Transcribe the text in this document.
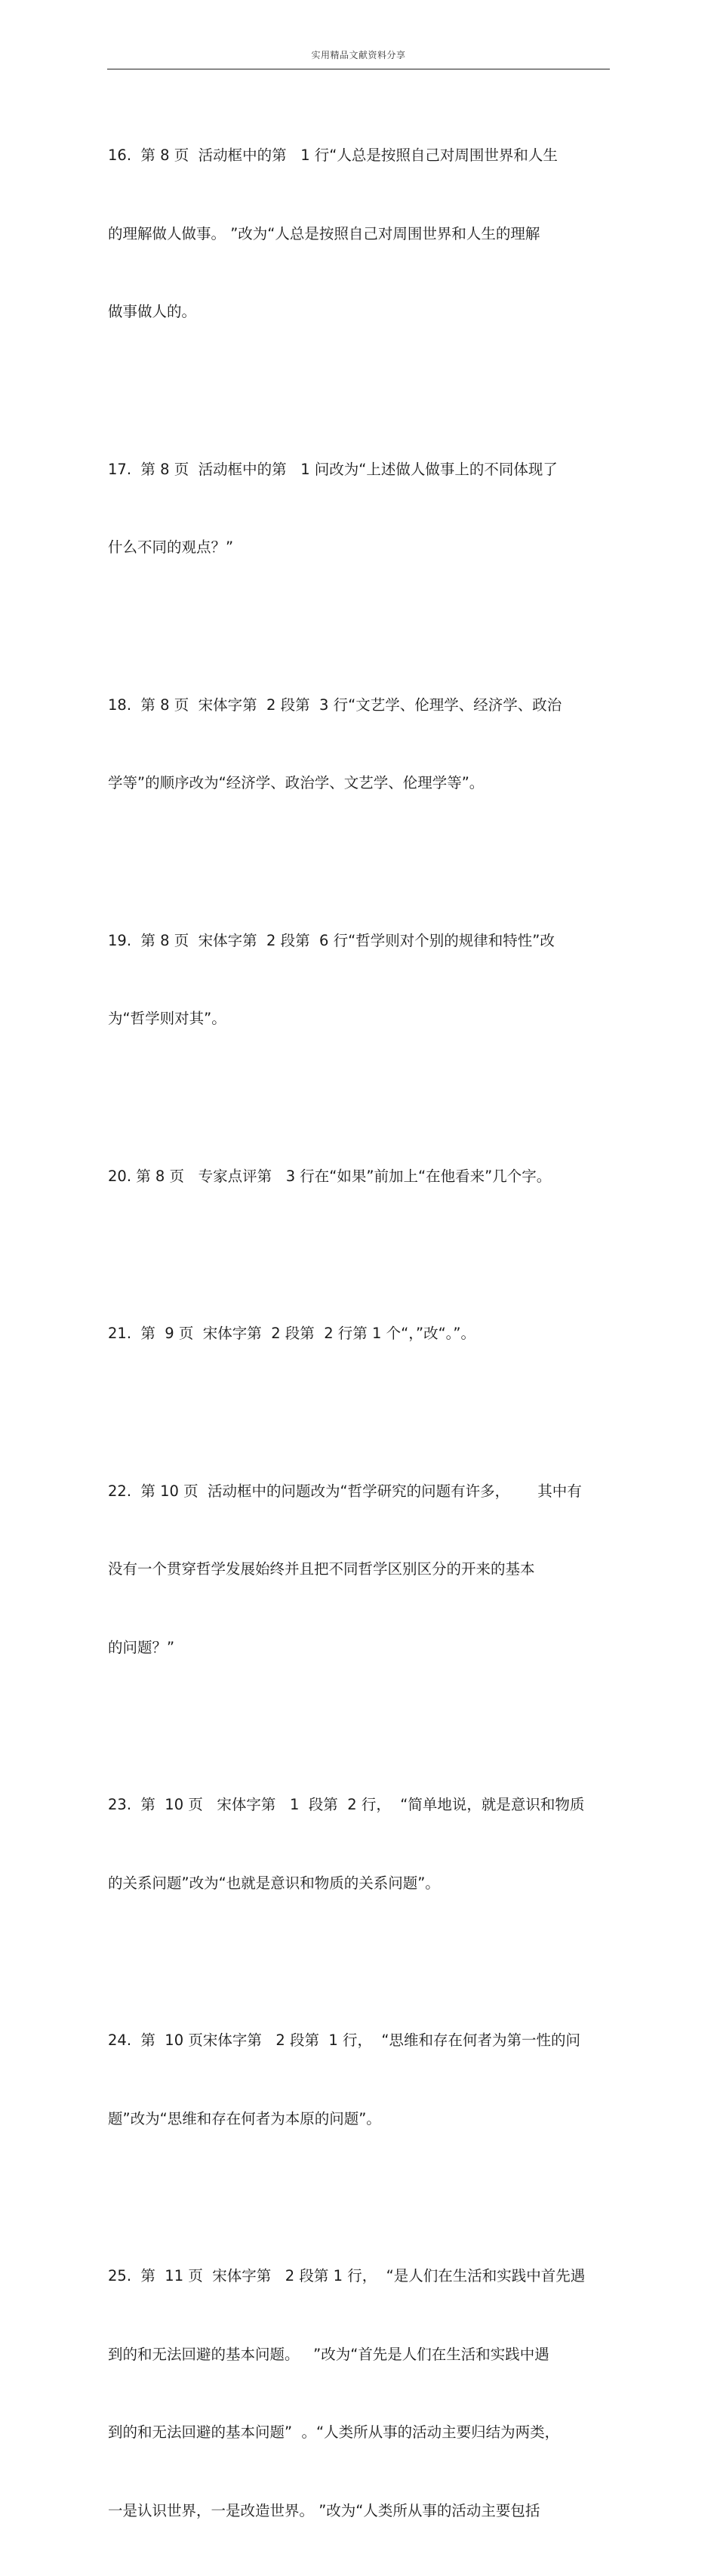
实用精品文献资料分享

16.  第 8 页  活动框中的第   1 行“人总是按照自己对周围世界和人生

的理解做人做事。 ”改为“人总是按照自己对周围世界和人生的理解

做事做人的。

17.  第 8 页  活动框中的第   1 问改为“上述做人做事上的不同体现了

什么不同的观点？”

18.  第 8 页  宋体字第  2 段第  3 行“文艺学、伦理学、经济学、政治

学等”的顺序改为“经济学、政治学、文艺学、伦理学等”。

19.  第 8 页  宋体字第  2 段第  6 行“哲学则对个别的规律和特性”改

为“哲学则对其”。

20. 第 8 页   专家点评第   3 行在“如果”前加上“在他看来”几个字。

21.  第  9 页  宋体字第  2 段第  2 行第 1 个“，”改“。”。

22.  第 10 页  活动框中的问题改为“哲学研究的问题有许多，      其中有

没有一个贯穿哲学发展始终并且把不同哲学区别区分的开来的基本

的问题？”

23.  第  10 页   宋体字第   1  段第  2 行，  “简单地说，就是意识和物质

的关系问题”改为“也就是意识和物质的关系问题”。

24.  第  10 页宋体字第   2 段第  1 行，  “思维和存在何者为第一性的问

题”改为“思维和存在何者为本原的问题”。

25.  第  11 页  宋体字第   2 段第 1 行，  “是人们在生活和实践中首先遇

到的和无法回避的基本问题。   ”改为“首先是人们在生活和实践中遇

到的和无法回避的基本问题”  。“人类所从事的活动主要归结为两类，

一是认识世界，一是改造世界。 ”改为“人类所从事的活动主要包括
